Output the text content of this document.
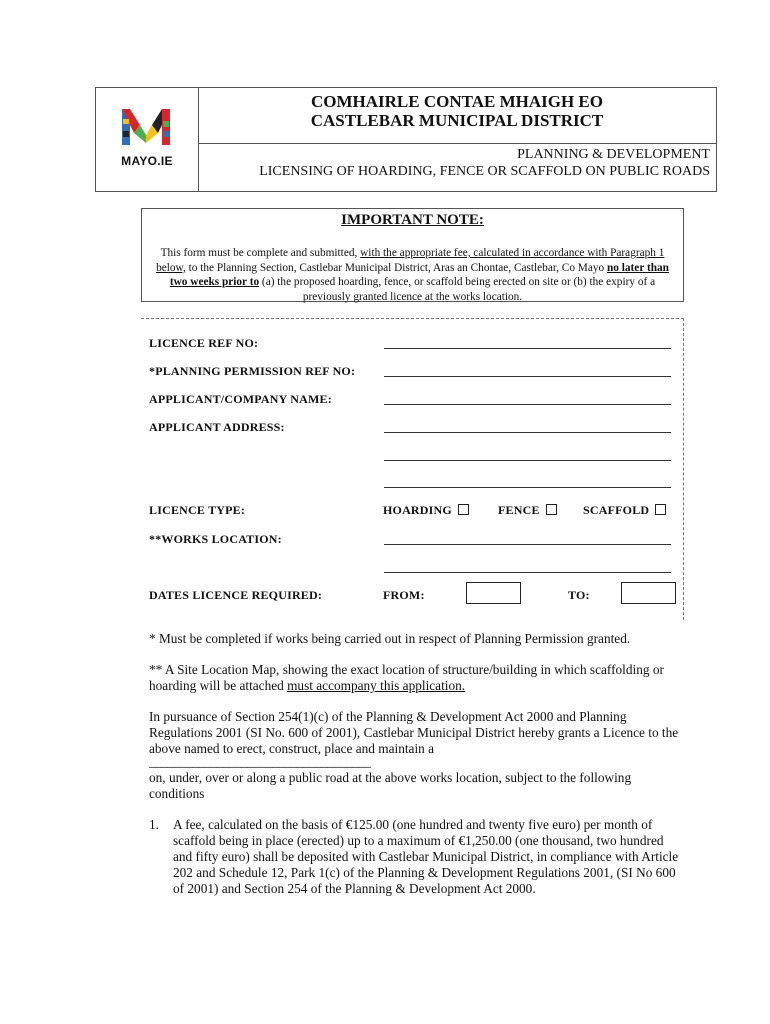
MAYO.IE
COMHAIRLE CONTAE MHAIGH EO
CASTLEBAR MUNICIPAL DISTRICT
PLANNING & DEVELOPMENT
LICENSING OF HOARDING, FENCE OR SCAFFOLD ON PUBLIC ROADS
IMPORTANT NOTE:
This form must be complete and submitted, with the appropriate fee, calculated in accordance with Paragraph 1 below, to the Planning Section, Castlebar Municipal District, Aras an Chontae, Castlebar, Co Mayo no later than two weeks prior to (a) the proposed hoarding, fence, or scaffold being erected on site or (b) the expiry of a previously granted licence at the works location.
LICENCE REF NO:
*PLANNING PERMISSION REF NO:
APPLICANT/COMPANY NAME:
APPLICANT ADDRESS:
LICENCE TYPE:	HOARDING	FENCE	SCAFFOLD
**WORKS LOCATION:
DATES LICENCE REQUIRED:	FROM:	TO:
* Must be completed if works being carried out in respect of Planning Permission granted.
** A Site Location Map, showing the exact location of structure/building in which scaffolding or hoarding will be attached must accompany this application.
In pursuance of Section 254(1)(c) of the Planning & Development Act 2000 and Planning Regulations 2001 (SI No. 600 of 2001), Castlebar Municipal District hereby grants a Licence to the above named to erect, construct, place and maintain a
____________________________________
on, under, over or along a public road at the above works location, subject to the following conditions
1. A fee, calculated on the basis of €125.00 (one hundred and twenty five euro) per month of scaffold being in place (erected) up to a maximum of €1,250.00 (one thousand, two hundred and fifty euro) shall be deposited with Castlebar Municipal District, in compliance with Article 202 and Schedule 12, Park 1(c) of the Planning & Development Regulations 2001, (SI No 600 of 2001) and Section 254 of the Planning & Development Act 2000.
